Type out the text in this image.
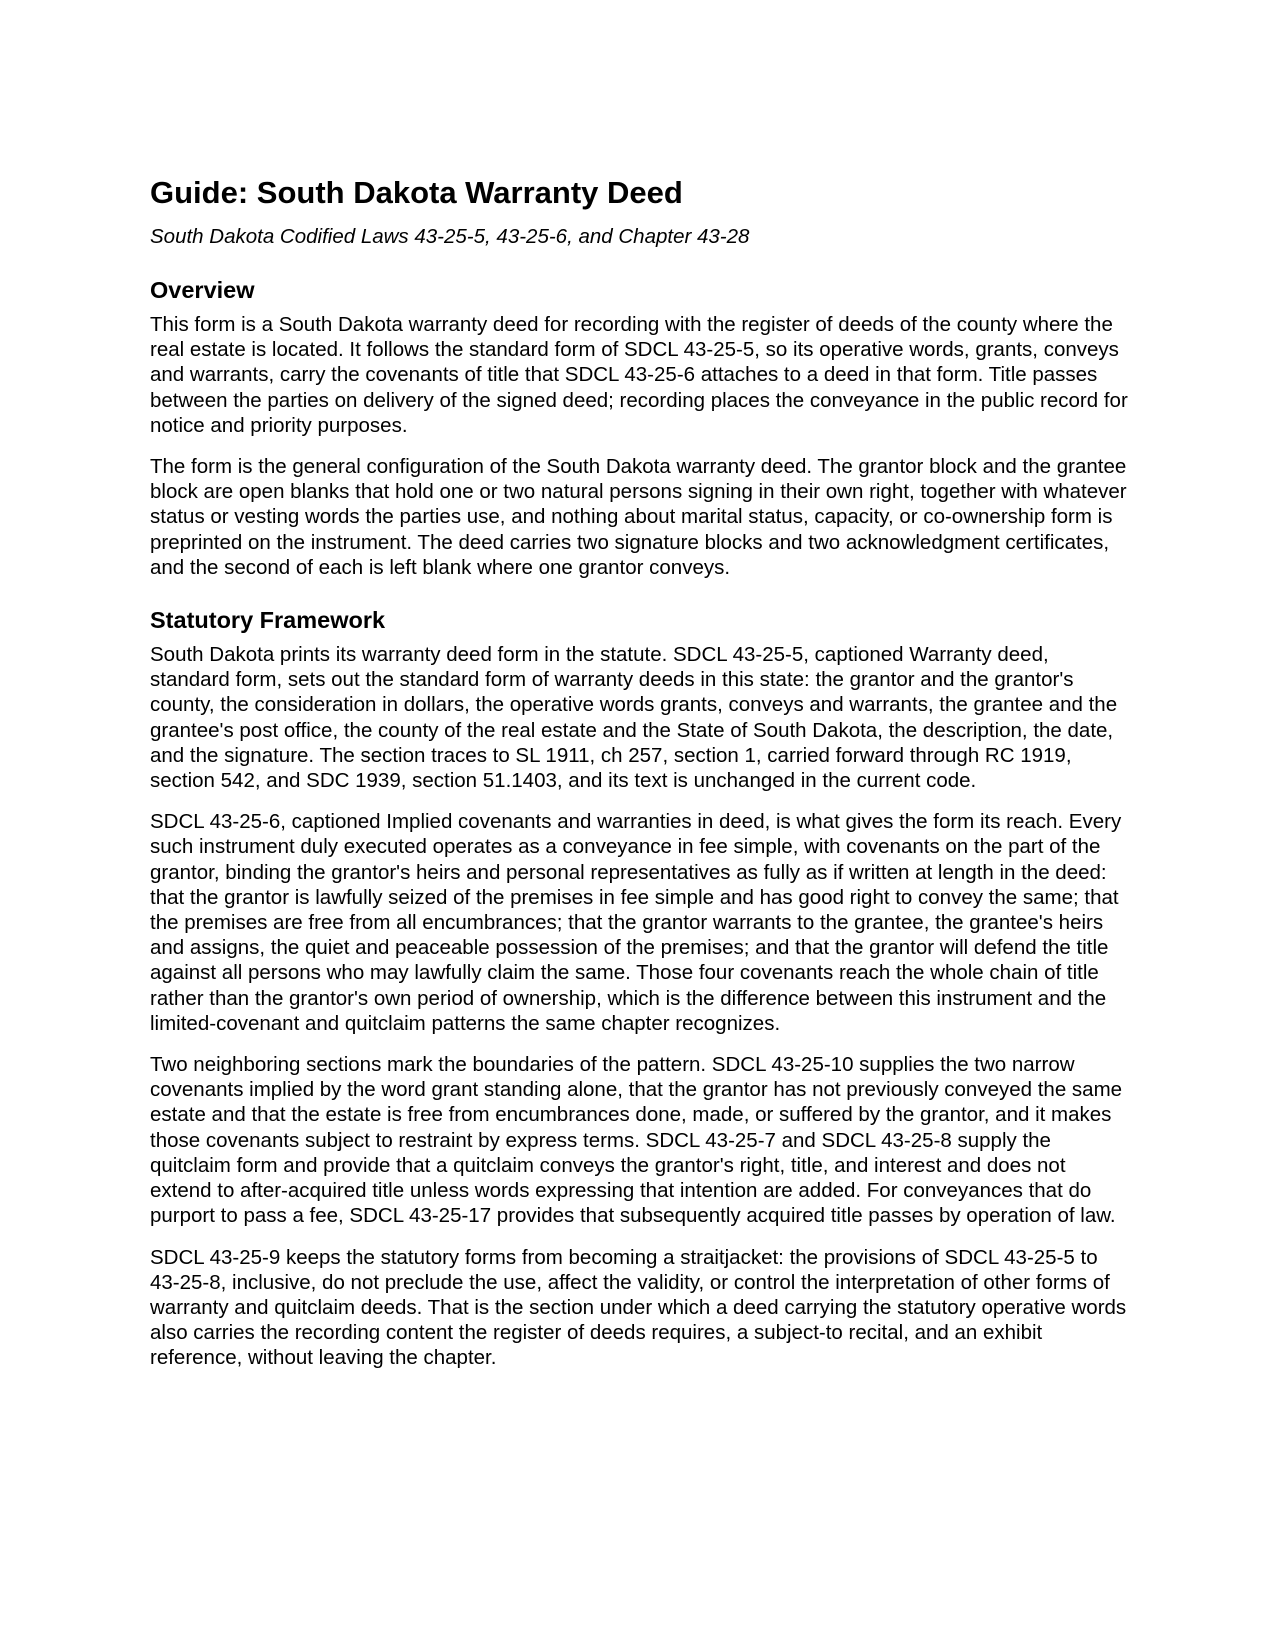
Guide: South Dakota Warranty Deed
South Dakota Codified Laws 43-25-5, 43-25-6, and Chapter 43-28
Overview

This form is a South Dakota warranty deed for recording with the register of deeds of the county where the real estate is located. It follows the standard form of SDCL 43-25-5, so its operative words, grants, conveys and warrants, carry the covenants of title that SDCL 43-25-6 attaches to a deed in that form. Title passes between the parties on delivery of the signed deed; recording places the conveyance in the public record for notice and priority purposes.

The form is the general configuration of the South Dakota warranty deed. The grantor block and the grantee block are open blanks that hold one or two natural persons signing in their own right, together with whatever status or vesting words the parties use, and nothing about marital status, capacity, or co-ownership form is preprinted on the instrument. The deed carries two signature blocks and two acknowledgment certificates, and the second of each is left blank where one grantor conveys.

Statutory Framework

South Dakota prints its warranty deed form in the statute. SDCL 43-25-5, captioned Warranty deed, standard form, sets out the standard form of warranty deeds in this state: the grantor and the grantor's county, the consideration in dollars, the operative words grants, conveys and warrants, the grantee and the grantee's post office, the county of the real estate and the State of South Dakota, the description, the date, and the signature. The section traces to SL 1911, ch 257, section 1, carried forward through RC 1919, section 542, and SDC 1939, section 51.1403, and its text is unchanged in the current code.

SDCL 43-25-6, captioned Implied covenants and warranties in deed, is what gives the form its reach. Every such instrument duly executed operates as a conveyance in fee simple, with covenants on the part of the grantor, binding the grantor's heirs and personal representatives as fully as if written at length in the deed: that the grantor is lawfully seized of the premises in fee simple and has good right to convey the same; that the premises are free from all encumbrances; that the grantor warrants to the grantee, the grantee's heirs and assigns, the quiet and peaceable possession of the premises; and that the grantor will defend the title against all persons who may lawfully claim the same. Those four covenants reach the whole chain of title rather than the grantor's own period of ownership, which is the difference between this instrument and the limited-covenant and quitclaim patterns the same chapter recognizes.

Two neighboring sections mark the boundaries of the pattern. SDCL 43-25-10 supplies the two narrow covenants implied by the word grant standing alone, that the grantor has not previously conveyed the same estate and that the estate is free from encumbrances done, made, or suffered by the grantor, and it makes those covenants subject to restraint by express terms. SDCL 43-25-7 and SDCL 43-25-8 supply the quitclaim form and provide that a quitclaim conveys the grantor's right, title, and interest and does not extend to after-acquired title unless words expressing that intention are added. For conveyances that do purport to pass a fee, SDCL 43-25-17 provides that subsequently acquired title passes by operation of law.

SDCL 43-25-9 keeps the statutory forms from becoming a straitjacket: the provisions of SDCL 43-25-5 to 43-25-8, inclusive, do not preclude the use, affect the validity, or control the interpretation of other forms of warranty and quitclaim deeds. That is the section under which a deed carrying the statutory operative words also carries the recording content the register of deeds requires, a subject-to recital, and an exhibit reference, without leaving the chapter.
